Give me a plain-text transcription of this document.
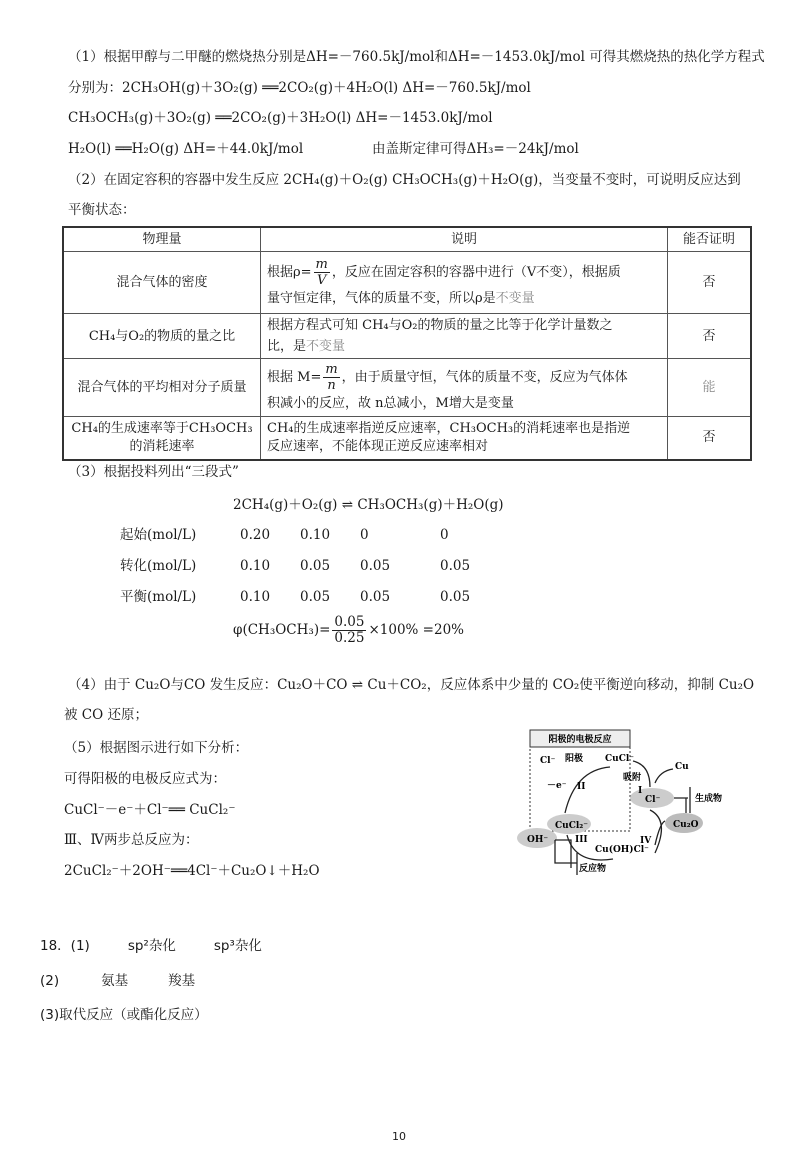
（1）根据甲醇与二甲醚的燃烧热分别是ΔH=－760.5kJ/mol和ΔH=－1453.0kJ/mol 可得其燃烧热的热化学方程式
分别为：2CH₃OH(g)＋3O₂(g) ══2CO₂(g)＋4H₂O(l) ΔH=－760.5kJ/mol
CH₃OCH₃(g)＋3O₂(g) ══2CO₂(g)＋3H₂O(l) ΔH=－1453.0kJ/mol
H₂O(l) ══H₂O(g) ΔH=＋44.0kJ/mol	由盖斯定律可得ΔH₃=－24kJ/mol
（2）在固定容积的容器中发生反应 2CH₄(g)＋O₂(g) CH₃OCH₃(g)＋H₂O(g)，当变量不变时，可说明反应达到
平衡状态：
物理量	说明	能否证明
混合气体的密度	根据$\rho= \frac{m}{V}$ ，反应在固定容积的容器中进行（V不变），根据质
量守恒定律，气体的质量不变，所以ρ是不变量	否
CH₄与O₂的物质的量之比	根据方程式可知 CH₄与O₂的物质的量之比等于化学计量数之
比，是不变量	否
混合气体的平均相对分子质量	根据 $M= \frac{m}{n}$ ，由于质量守恒，气体的质量不变，反应为气体体
积减小的反应，故 n总减小，M增大是变量	能
CH₄的生成速率等于CH₃OCH₃
的消耗速率	CH₄的生成速率指逆反应速率，CH₃OCH₃的消耗速率也是指逆
反应速率，不能体现正逆反应速率相对	否
（3）根据投料列出“三段式”
2CH₄(g)＋O₂(g) ⇌ CH₃OCH₃(g)＋H₂O(g)
起始(mol/L)	0.20 0.10 0	0
转化(mol/L)	0.10 0.05 0.05	0.05
平衡(mol/L)	0.10 0.05 0.05	0.05
$\varphi(CH_3OCH_3)= \frac{0.05}{0.25} \times 100\% =20\%$
（4）由于 Cu₂O与CO 发生反应：Cu₂O＋CO ⇌ Cu＋CO₂，反应体系中少量的 CO₂使平衡逆向移动，抑制 Cu₂O
被 CO 还原；
（5）根据图示进行如下分析：
可得阳极的电极反应式为：
CuCl⁻－e⁻＋Cl⁻══ CuCl₂⁻
Ⅲ、Ⅳ两步总反应为：
2CuCl₂⁻＋2OH⁻══4Cl⁻＋Cu₂O↓＋H₂O
阳极的电极反应
Cl⁻ 阳极 CuCl⁻
Cu
吸附
－e⁻ II	I
Cl⁻	生成物
CuCl₂⁻
III	IV
Cu₂O
OH⁻
Cu(OH)Cl⁻
反应物
18．(1)	sp²杂化	sp³杂化
(2)	氨基	羧基
(3)取代反应（或酯化反应）
10
